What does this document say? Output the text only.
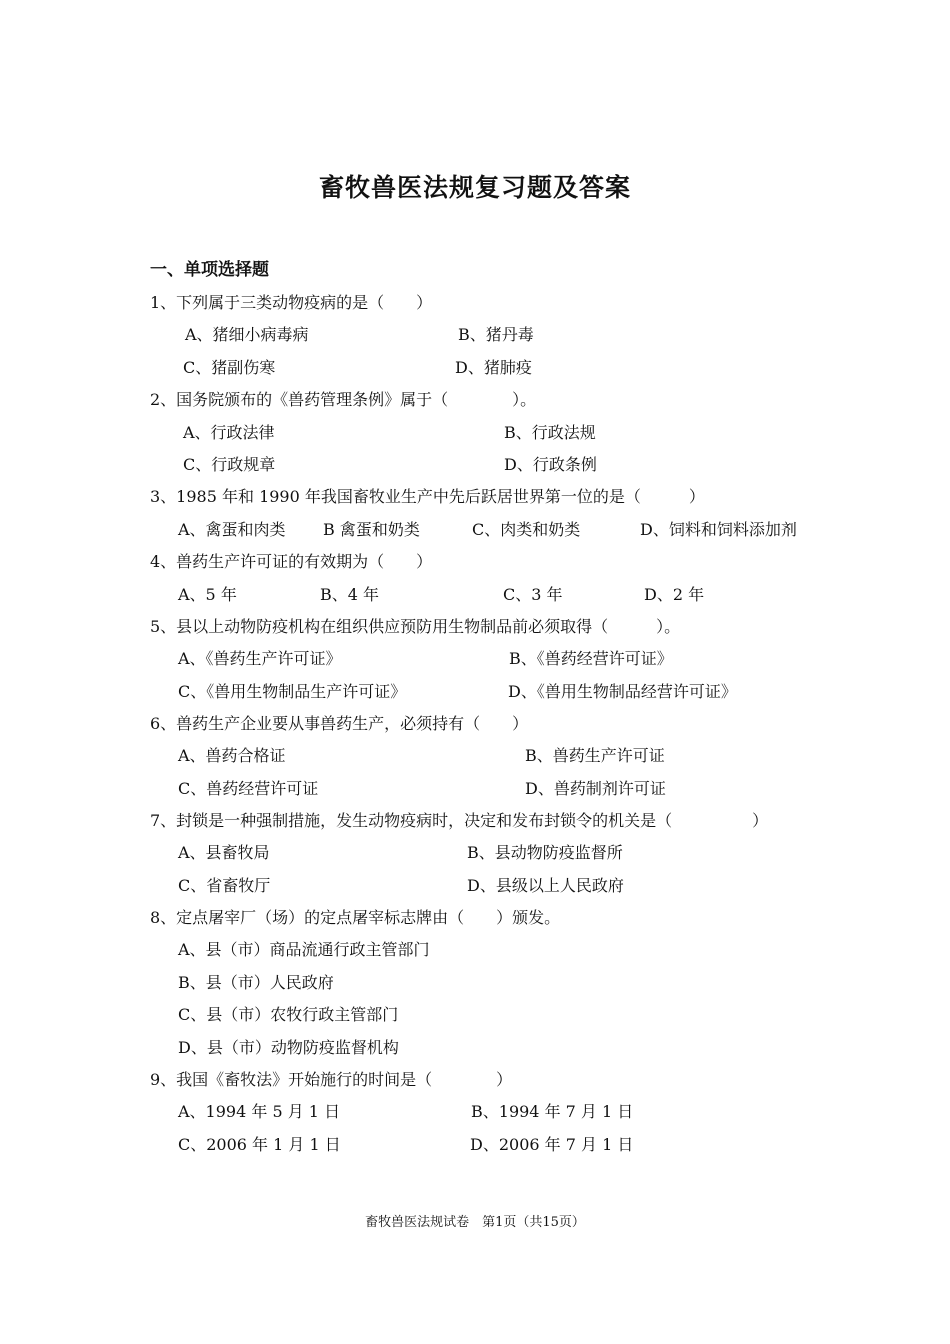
畜牧兽医法规复习题及答案
一、单项选择题
1、下列属于三类动物疫病的是（　　）
A、猪细小病毒病	B、猪丹毒
C、猪副伤寒	D、猪肺疫
2、国务院颁布的《兽药管理条例》属于（　　　　）。
A、行政法律	B、行政法规
C、行政规章	D、行政条例
3、1985 年和 1990 年我国畜牧业生产中先后跃居世界第一位的是（　　　）
A、禽蛋和肉类 B 禽蛋和奶类	C、肉类和奶类	D、饲料和饲料添加剂
4、兽药生产许可证的有效期为（　　）
A、5 年	B、4 年	C、3 年	D、2 年
5、县以上动物防疫机构在组织供应预防用生物制品前必须取得（　　　）。
A、《兽药生产许可证》	B、《兽药经营许可证》
C、《兽用生物制品生产许可证》	D、《兽用生物制品经营许可证》
6、兽药生产企业要从事兽药生产，必须持有（　　）
A、兽药合格证	B、兽药生产许可证
C、兽药经营许可证	D、兽药制剂许可证
7、封锁是一种强制措施，发生动物疫病时，决定和发布封锁令的机关是（　　　　　）
A、县畜牧局	B、县动物防疫监督所
C、省畜牧厅	D、县级以上人民政府
8、定点屠宰厂（场）的定点屠宰标志牌由（　　）颁发。
A、县（市）商品流通行政主管部门
B、县（市）人民政府
C、县（市）农牧行政主管部门
D、县（市）动物防疫监督机构
9、我国《畜牧法》开始施行的时间是（　　　　）
A、1994 年 5 月 1 日	B、1994 年 7 月 1 日
C、2006 年 1 月 1 日	D、2006 年 7 月 1 日
畜牧兽医法规试卷　第1页（共15页）
